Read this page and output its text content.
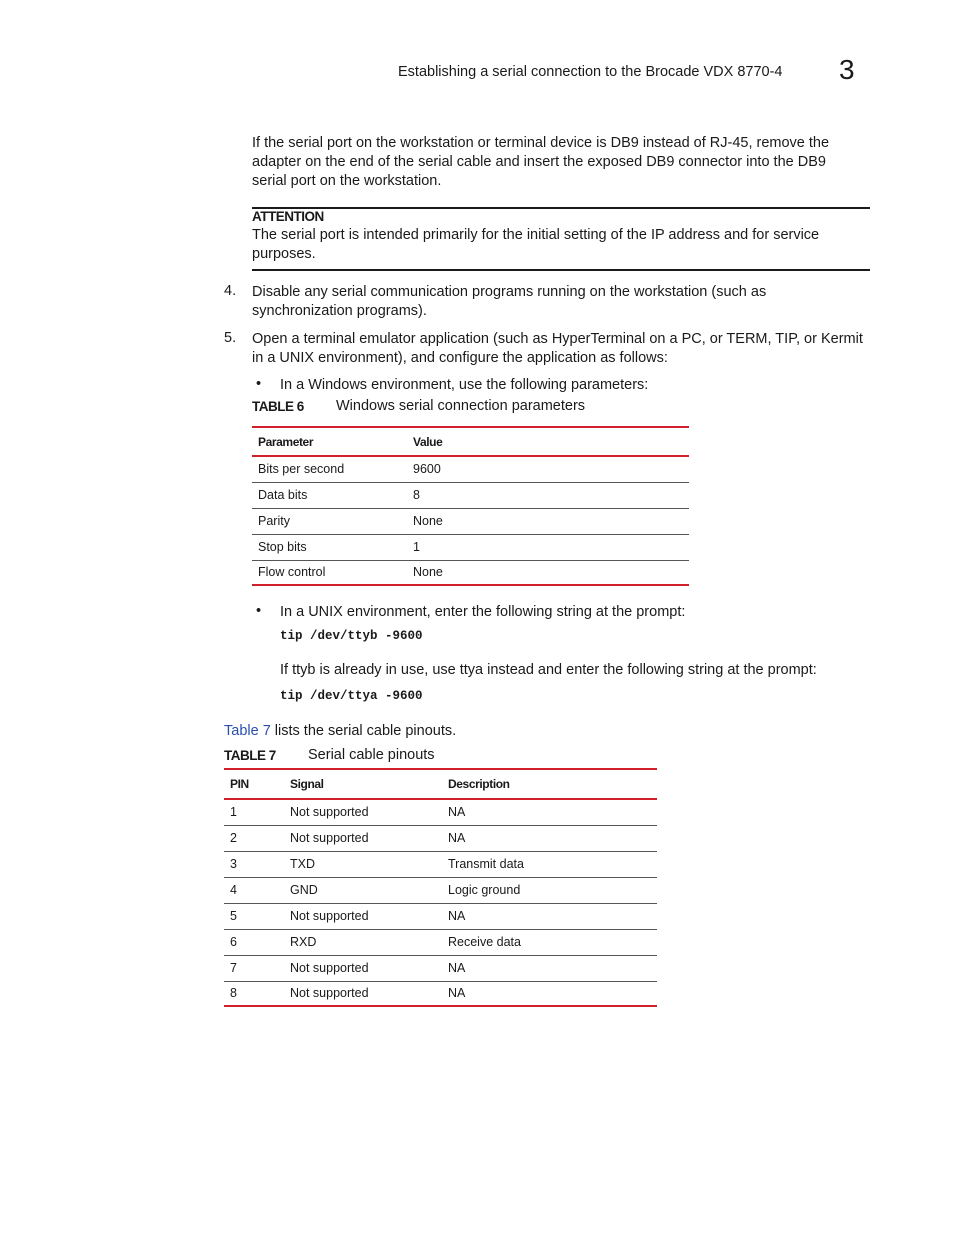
Establishing a serial connection to the Brocade VDX 8770-4 3
If the serial port on the workstation or terminal device is DB9 instead of RJ-45, remove the adapter on the end of the serial cable and insert the exposed DB9 connector into the DB9 serial port on the workstation.
ATTENTION
The serial port is intended primarily for the initial setting of the IP address and for service purposes.
4. Disable any serial communication programs running on the workstation (such as synchronization programs).
5. Open a terminal emulator application (such as HyperTerminal on a PC, or TERM, TIP, or Kermit in a UNIX environment), and configure the application as follows:
• In a Windows environment, use the following parameters:
TABLE 6 Windows serial connection parameters
Parameter	Value
Bits per second	9600
Data bits	8
Parity	None
Stop bits	1
Flow control	None
• In a UNIX environment, enter the following string at the prompt:
tip /dev/ttyb -9600
If ttyb is already in use, use ttya instead and enter the following string at the prompt:
tip /dev/ttya -9600
Table 7 lists the serial cable pinouts.
TABLE 7 Serial cable pinouts
PIN	Signal	Description
1	Not supported	NA
2	Not supported	NA
3	TXD	Transmit data
4	GND	Logic ground
5	Not supported	NA
6	RXD	Receive data
7	Not supported	NA
8	Not supported	NA
